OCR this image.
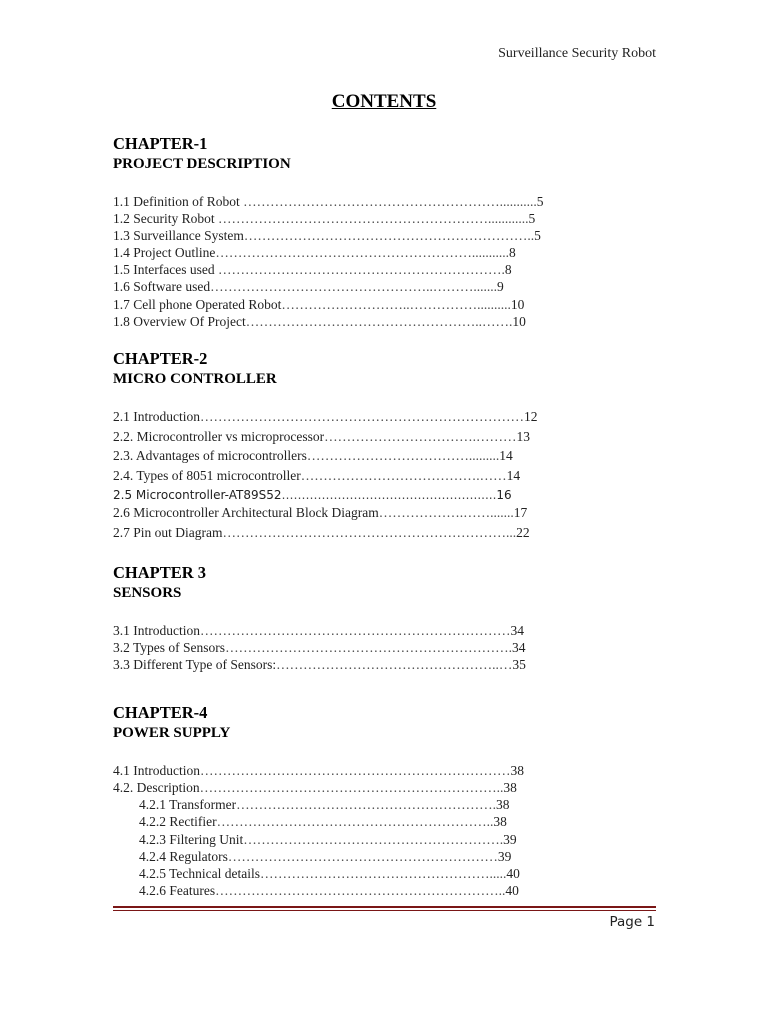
Surveillance Security Robot
CONTENTS
CHAPTER-1
PROJECT DESCRIPTION
1.1 Definition of Robot …………………………………………………...........5
1.2 Security Robot ……………………………………………………............5
1.3 Surveillance System………………………………………………………..5
1.4 Project Outline…………………………………………………...........8
1.5 Interfaces used ……………………………………………………….8
1.6 Software used…………………………………………..……….......9
1.7 Cell phone Operated Robot………………………..……………..........10
1.8 Overview Of Project……………………………………………..…….10
CHAPTER-2
MICRO CONTROLLER
2.1 Introduction………………………………………………………………12
2.2. Microcontroller vs microprocessor…………………………….………13
2.3. Advantages of microcontrollers……………………………….........14
2.4. Types of 8051 microcontroller………………………………….……14
2.5 Microcontroller-AT89S52…………………………………………......16
2.6 Microcontroller Architectural Block Diagram……………….…….......17
2.7 Pin out Diagram………………………………………………………...22
CHAPTER 3
SENSORS
3.1 Introduction……………………………………………………………34
3.2 Types of Sensors……………………………………………………….34
3.3 Different Type of Sensors:…………………………………………..…35
CHAPTER-4
POWER SUPPLY
4.1 Introduction……………………………………………………………38
4.2. Description…………………………………………………………..38
4.2.1 Transformer………………………………………………….38
4.2.2 Rectifier……………………………………………………..38
4.2.3 Filtering Unit………………………………………………….39
4.2.4 Regulators……………………………………………………39
4.2.5 Technical details…………………………………………….....40
4.2.6 Features………………………………………………………..40
Page 1
